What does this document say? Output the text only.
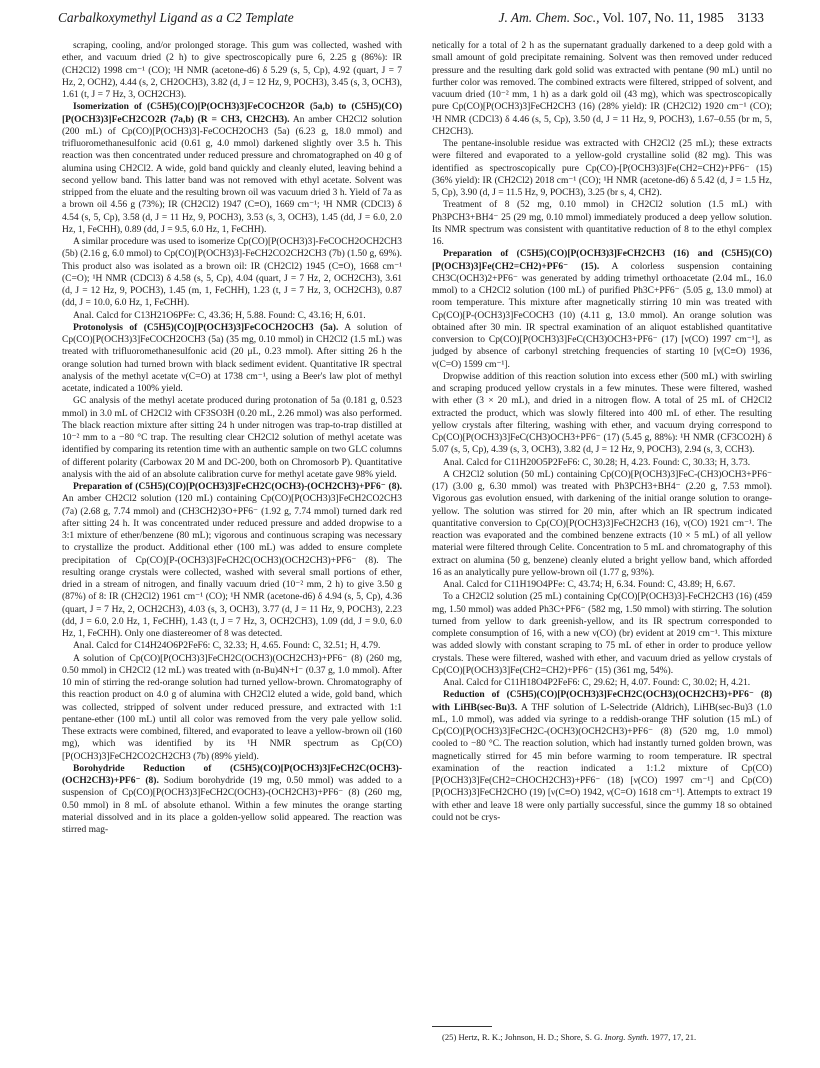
Carbalkoxymethyl Ligand as a C2 Template	J. Am. Chem. Soc., Vol. 107, No. 11, 1985 3133

scraping, cooling, and/or prolonged storage. This gum was collected, washed with ether, and vacuum dried (2 h) to give spectroscopically pure 6, 2.25 g (86%): IR (CH2Cl2) 1998 cm⁻¹ (CO); ¹H NMR (acetone-d6) δ 5.29 (s, 5, Cp), 4.92 (quart, J = 7 Hz, 2, OCH2), 4.44 (s, 2, CH2OCH3), 3.82 (d, J = 12 Hz, 9, POCH3), 3.45 (s, 3, OCH3), 1.61 (t, J = 7 Hz, 3, OCH2CH3).

Isomerization of (C5H5)(CO)[P(OCH3)3]FeCOCH2OR (5a,b) to (C5H5)(CO)[P(OCH3)3]FeCH2CO2R (7a,b) (R = CH3, CH2CH3). An amber CH2Cl2 solution (200 mL) of Cp(CO)[P(OCH3)3]-FeCOCH2OCH3 (5a) (6.23 g, 18.0 mmol) and trifluoromethanesulfonic acid (0.61 g, 4.0 mmol) darkened slightly over 3.5 h. This reaction was then concentrated under reduced pressure and chromatographed on 40 g of alumina using CH2Cl2. A wide, gold band quickly and cleanly eluted, leaving behind a second yellow band. This latter band was not removed with ethyl acetate. Solvent was stripped from the eluate and the resulting brown oil was vacuum dried 3 h. Yield of 7a as a brown oil 4.56 g (73%); IR (CH2Cl2) 1947 (C≡O), 1669 cm⁻¹; ¹H NMR (CDCl3) δ 4.54 (s, 5, Cp), 3.58 (d, J = 11 Hz, 9, POCH3), 3.53 (s, 3, OCH3), 1.45 (dd, J = 6.0, 2.0 Hz, 1, FeCHH), 0.89 (dd, J = 9.5, 6.0 Hz, 1, FeCHH).

A similar procedure was used to isomerize Cp(CO)[P(OCH3)3]-FeCOCH2OCH2CH3 (5b) (2.16 g, 6.0 mmol) to Cp(CO)[P(OCH3)3]-FeCH2CO2CH2CH3 (7b) (1.50 g, 69%). This product also was isolated as a brown oil: IR (CH2Cl2) 1945 (C≡O), 1668 cm⁻¹ (C=O); ¹H NMR (CDCl3) δ 4.58 (s, 5, Cp), 4.04 (quart, J = 7 Hz, 2, OCH2CH3), 3.61 (d, J = 12 Hz, 9, POCH3), 1.45 (m, 1, FeCHH), 1.23 (t, J = 7 Hz, 3, OCH2CH3), 0.87 (dd, J = 10.0, 6.0 Hz, 1, FeCHH).

Anal. Calcd for C13H21O6PFe: C, 43.36; H, 5.88. Found: C, 43.16; H, 6.01.

Protonolysis of (C5H5)(CO)[P(OCH3)3]FeCOCH2OCH3 (5a). A solution of Cp(CO)[P(OCH3)3]FeCOCH2OCH3 (5a) (35 mg, 0.10 mmol) in CH2Cl2 (1.5 mL) was treated with trifluoromethanesulfonic acid (20 μL, 0.23 mmol). After sitting 26 h the orange solution had turned brown with black sediment evident. Quantitative IR spectral analysis of the methyl acetate ν(C=O) at 1738 cm⁻¹, using a Beer's law plot of methyl acetate, indicated a 100% yield.

GC analysis of the methyl acetate produced during protonation of 5a (0.181 g, 0.523 mmol) in 3.0 mL of CH2Cl2 with CF3SO3H (0.20 mL, 2.26 mmol) was also performed. The black reaction mixture after sitting 24 h under nitrogen was trap-to-trap distilled at 10⁻² mm to a −80 °C trap. The resulting clear CH2Cl2 solution of methyl acetate was identified by comparing its retention time with an authentic sample on two GLC columns of different polarity (Carbowax 20 M and DC-200, both on Chromosorb P). Quantitative analysis with the aid of an absolute calibration curve for methyl acetate gave 98% yield.

Preparation of (C5H5)(CO)[P(OCH3)3]FeCH2C(OCH3)-(OCH2CH3)+PF6⁻ (8). An amber CH2Cl2 solution (120 mL) containing Cp(CO)[P(OCH3)3]FeCH2CO2CH3 (7a) (2.68 g, 7.74 mmol) and (CH3CH2)3O+PF6⁻ (1.92 g, 7.74 mmol) turned dark red after sitting 24 h. It was concentrated under reduced pressure and added dropwise to a 3:1 mixture of ether/benzene (80 mL); vigorous and continuous scraping was necessary to crystallize the product. Additional ether (100 mL) was added to ensure complete precipitation of Cp(CO)[P-(OCH3)3]FeCH2C(OCH3)(OCH2CH3)+PF6⁻ (8). The resulting orange crystals were collected, washed with several small portions of ether, dried in a stream of nitrogen, and finally vacuum dried (10⁻² mm, 2 h) to give 3.50 g (87%) of 8: IR (CH2Cl2) 1961 cm⁻¹ (CO); ¹H NMR (acetone-d6) δ 4.94 (s, 5, Cp), 4.36 (quart, J = 7 Hz, 2, OCH2CH3), 4.03 (s, 3, OCH3), 3.77 (d, J = 11 Hz, 9, POCH3), 2.23 (dd, J = 6.0, 2.0 Hz, 1, FeCHH), 1.43 (t, J = 7 Hz, 3, OCH2CH3), 1.09 (dd, J = 9.0, 6.0 Hz, 1, FeCHH). Only one diastereomer of 8 was detected.

Anal. Calcd for C14H24O6P2FeF6: C, 32.33; H, 4.65. Found: C, 32.51; H, 4.79.

A solution of Cp(CO)[P(OCH3)3]FeCH2C(OCH3)(OCH2CH3)+PF6⁻ (8) (260 mg, 0.50 mmol) in CH2Cl2 (12 mL) was treated with (n-Bu)4N+I⁻ (0.37 g, 1.0 mmol). After 10 min of stirring the red-orange solution had turned yellow-brown. Chromatography of this reaction product on 4.0 g of alumina with CH2Cl2 eluted a wide, gold band, which was collected, stripped of solvent under reduced pressure, and extracted with 1:1 pentane-ether (100 mL) until all color was removed from the very pale yellow solid. These extracts were combined, filtered, and evaporated to leave a yellow-brown oil (160 mg), which was identified by its ¹H NMR spectrum as Cp(CO)[P(OCH3)3]FeCH2CO2CH2CH3 (7b) (89% yield).

Borohydride Reduction of (C5H5)(CO)[P(OCH3)3]FeCH2C(OCH3)-(OCH2CH3)+PF6⁻ (8). Sodium borohydride (19 mg, 0.50 mmol) was added to a suspension of Cp(CO)[P(OCH3)3]FeCH2C(OCH3)-(OCH2CH3)+PF6⁻ (8) (260 mg, 0.50 mmol) in 8 mL of absolute ethanol. Within a few minutes the orange starting material dissolved and in its place a golden-yellow solid appeared. The reaction was stirred mag-

netically for a total of 2 h as the supernatant gradually darkened to a deep gold with a small amount of gold precipitate remaining. Solvent was then removed under reduced pressure and the resulting dark gold solid was extracted with pentane (90 mL) until no further color was removed. The combined extracts were filtered, stripped of solvent, and vacuum dried (10⁻² mm, 1 h) as a dark gold oil (43 mg), which was spectroscopically pure Cp(CO)[P(OCH3)3]FeCH2CH3 (16) (28% yield): IR (CH2Cl2) 1920 cm⁻¹ (CO); ¹H NMR (CDCl3) δ 4.46 (s, 5, Cp), 3.50 (d, J = 11 Hz, 9, POCH3), 1.67–0.55 (br m, 5, CH2CH3).

The pentane-insoluble residue was extracted with CH2Cl2 (25 mL); these extracts were filtered and evaporated to a yellow-gold crystalline solid (82 mg). This was identified as spectroscopically pure Cp(CO)-[P(OCH3)3]Fe(CH2=CH2)+PF6⁻ (15) (36% yield): IR (CH2Cl2) 2018 cm⁻¹ (CO); ¹H NMR (acetone-d6) δ 5.42 (d, J = 1.5 Hz, 5, Cp), 3.90 (d, J = 11.5 Hz, 9, POCH3), 3.25 (br s, 4, CH2).

Treatment of 8 (52 mg, 0.10 mmol) in CH2Cl2 solution (1.5 mL) with Ph3PCH3+BH4⁻ 25 (29 mg, 0.10 mmol) immediately produced a deep yellow solution. Its NMR spectrum was consistent with quantitative reduction of 8 to the ethyl complex 16.

Preparation of (C5H5)(CO)[P(OCH3)3]FeCH2CH3 (16) and (C5H5)(CO)[P(OCH3)3]Fe(CH2=CH2)+PF6⁻ (15). A colorless suspension containing CH3C(OCH3)2+PF6⁻ was generated by adding trimethyl orthoacetate (2.04 mL, 16.0 mmol) to a CH2Cl2 solution (100 mL) of purified Ph3C+PF6⁻ (5.05 g, 13.0 mmol) at room temperature. This mixture after magnetically stirring 10 min was treated with Cp(CO)[P-(OCH3)3]FeCOCH3 (10) (4.11 g, 13.0 mmol). An orange solution was obtained after 30 min. IR spectral examination of an aliquot established quantitative conversion to Cp(CO)[P(OCH3)3]FeC(CH3)OCH3+PF6⁻ (17) [ν(CO) 1997 cm⁻¹], as judged by absence of carbonyl stretching frequencies of starting 10 [ν(C≡O) 1936, ν(C=O) 1599 cm⁻¹].

Dropwise addition of this reaction solution into excess ether (500 mL) with swirling and scraping produced yellow crystals in a few minutes. These were filtered, washed with ether (3 × 20 mL), and dried in a nitrogen flow. A total of 25 mL of CH2Cl2 extracted the product, which was slowly filtered into 400 mL of ether. The resulting yellow crystals after filtering, washing with ether, and vacuum drying correspond to Cp(CO)[P(OCH3)3]FeC(CH3)OCH3+PF6⁻ (17) (5.45 g, 88%): ¹H NMR (CF3CO2H) δ 5.07 (s, 5, Cp), 4.39 (s, 3, OCH3), 3.82 (d, J = 12 Hz, 9, POCH3), 2.94 (s, 3, CCH3).

Anal. Calcd for C11H20O5P2FeF6: C, 30.28; H, 4.23. Found: C, 30.33; H, 3.73.

A CH2Cl2 solution (50 mL) containing Cp(CO)[P(OCH3)3]FeC-(CH3)OCH3+PF6⁻ (17) (3.00 g, 6.30 mmol) was treated with Ph3PCH3+BH4⁻ (2.20 g, 7.53 mmol). Vigorous gas evolution ensued, with darkening of the initial orange solution to orange-yellow. The solution was stirred for 20 min, after which an IR spectrum indicated quantitative conversion to Cp(CO)[P(OCH3)3]FeCH2CH3 (16), ν(CO) 1921 cm⁻¹. The reaction was evaporated and the combined benzene extracts (10 × 5 mL) of all yellow material were filtered through Celite. Concentration to 5 mL and chromatography of this extract on alumina (50 g, benzene) cleanly eluted a bright yellow band, which afforded 16 as an analytically pure yellow-brown oil (1.77 g, 93%).

Anal. Calcd for C11H19O4PFe: C, 43.74; H, 6.34. Found: C, 43.89; H, 6.67.

To a CH2Cl2 solution (25 mL) containing Cp(CO)[P(OCH3)3]-FeCH2CH3 (16) (459 mg, 1.50 mmol) was added Ph3C+PF6⁻ (582 mg, 1.50 mmol) with stirring. The solution turned from yellow to dark greenish-yellow, and its IR spectrum corresponded to complete consumption of 16, with a new ν(CO) (br) evident at 2019 cm⁻¹. This mixture was added slowly with constant scraping to 75 mL of ether in order to produce yellow crystals. These were filtered, washed with ether, and vacuum dried as yellow crystals of Cp(CO)[P(OCH3)3]Fe(CH2=CH2)+PF6⁻ (15) (361 mg, 54%).

Anal. Calcd for C11H18O4P2FeF6: C, 29.62; H, 4.07. Found: C, 30.02; H, 4.21.

Reduction of (C5H5)(CO)[P(OCH3)3]FeCH2C(OCH3)(OCH2CH3)+PF6⁻ (8) with LiHB(sec-Bu)3. A THF solution of L-Selectride (Aldrich), LiHB(sec-Bu)3 (1.0 mL, 1.0 mmol), was added via syringe to a reddish-orange THF solution (15 mL) of Cp(CO)[P(OCH3)3]FeCH2C-(OCH3)(OCH2CH3)+PF6⁻ (8) (520 mg, 1.0 mmol) cooled to −80 °C. The reaction solution, which had instantly turned golden brown, was magnetically stirred for 45 min before warming to room temperature. IR spectral examination of the reaction indicated a 1:1.2 mixture of Cp(CO)[P(OCH3)3]Fe(CH2=CHOCH2CH3)+PF6⁻ (18) [ν(CO) 1997 cm⁻¹] and Cp(CO)[P(OCH3)3]FeCH2CHO (19) [ν(C≡O) 1942, ν(C=O) 1618 cm⁻¹]. Attempts to extract 19 with ether and leave 18 were only partially successful, since the gummy 18 so obtained could not be crys-

(25) Hertz, R. K.; Johnson, H. D.; Shore, S. G. Inorg. Synth. 1977, 17, 21.
